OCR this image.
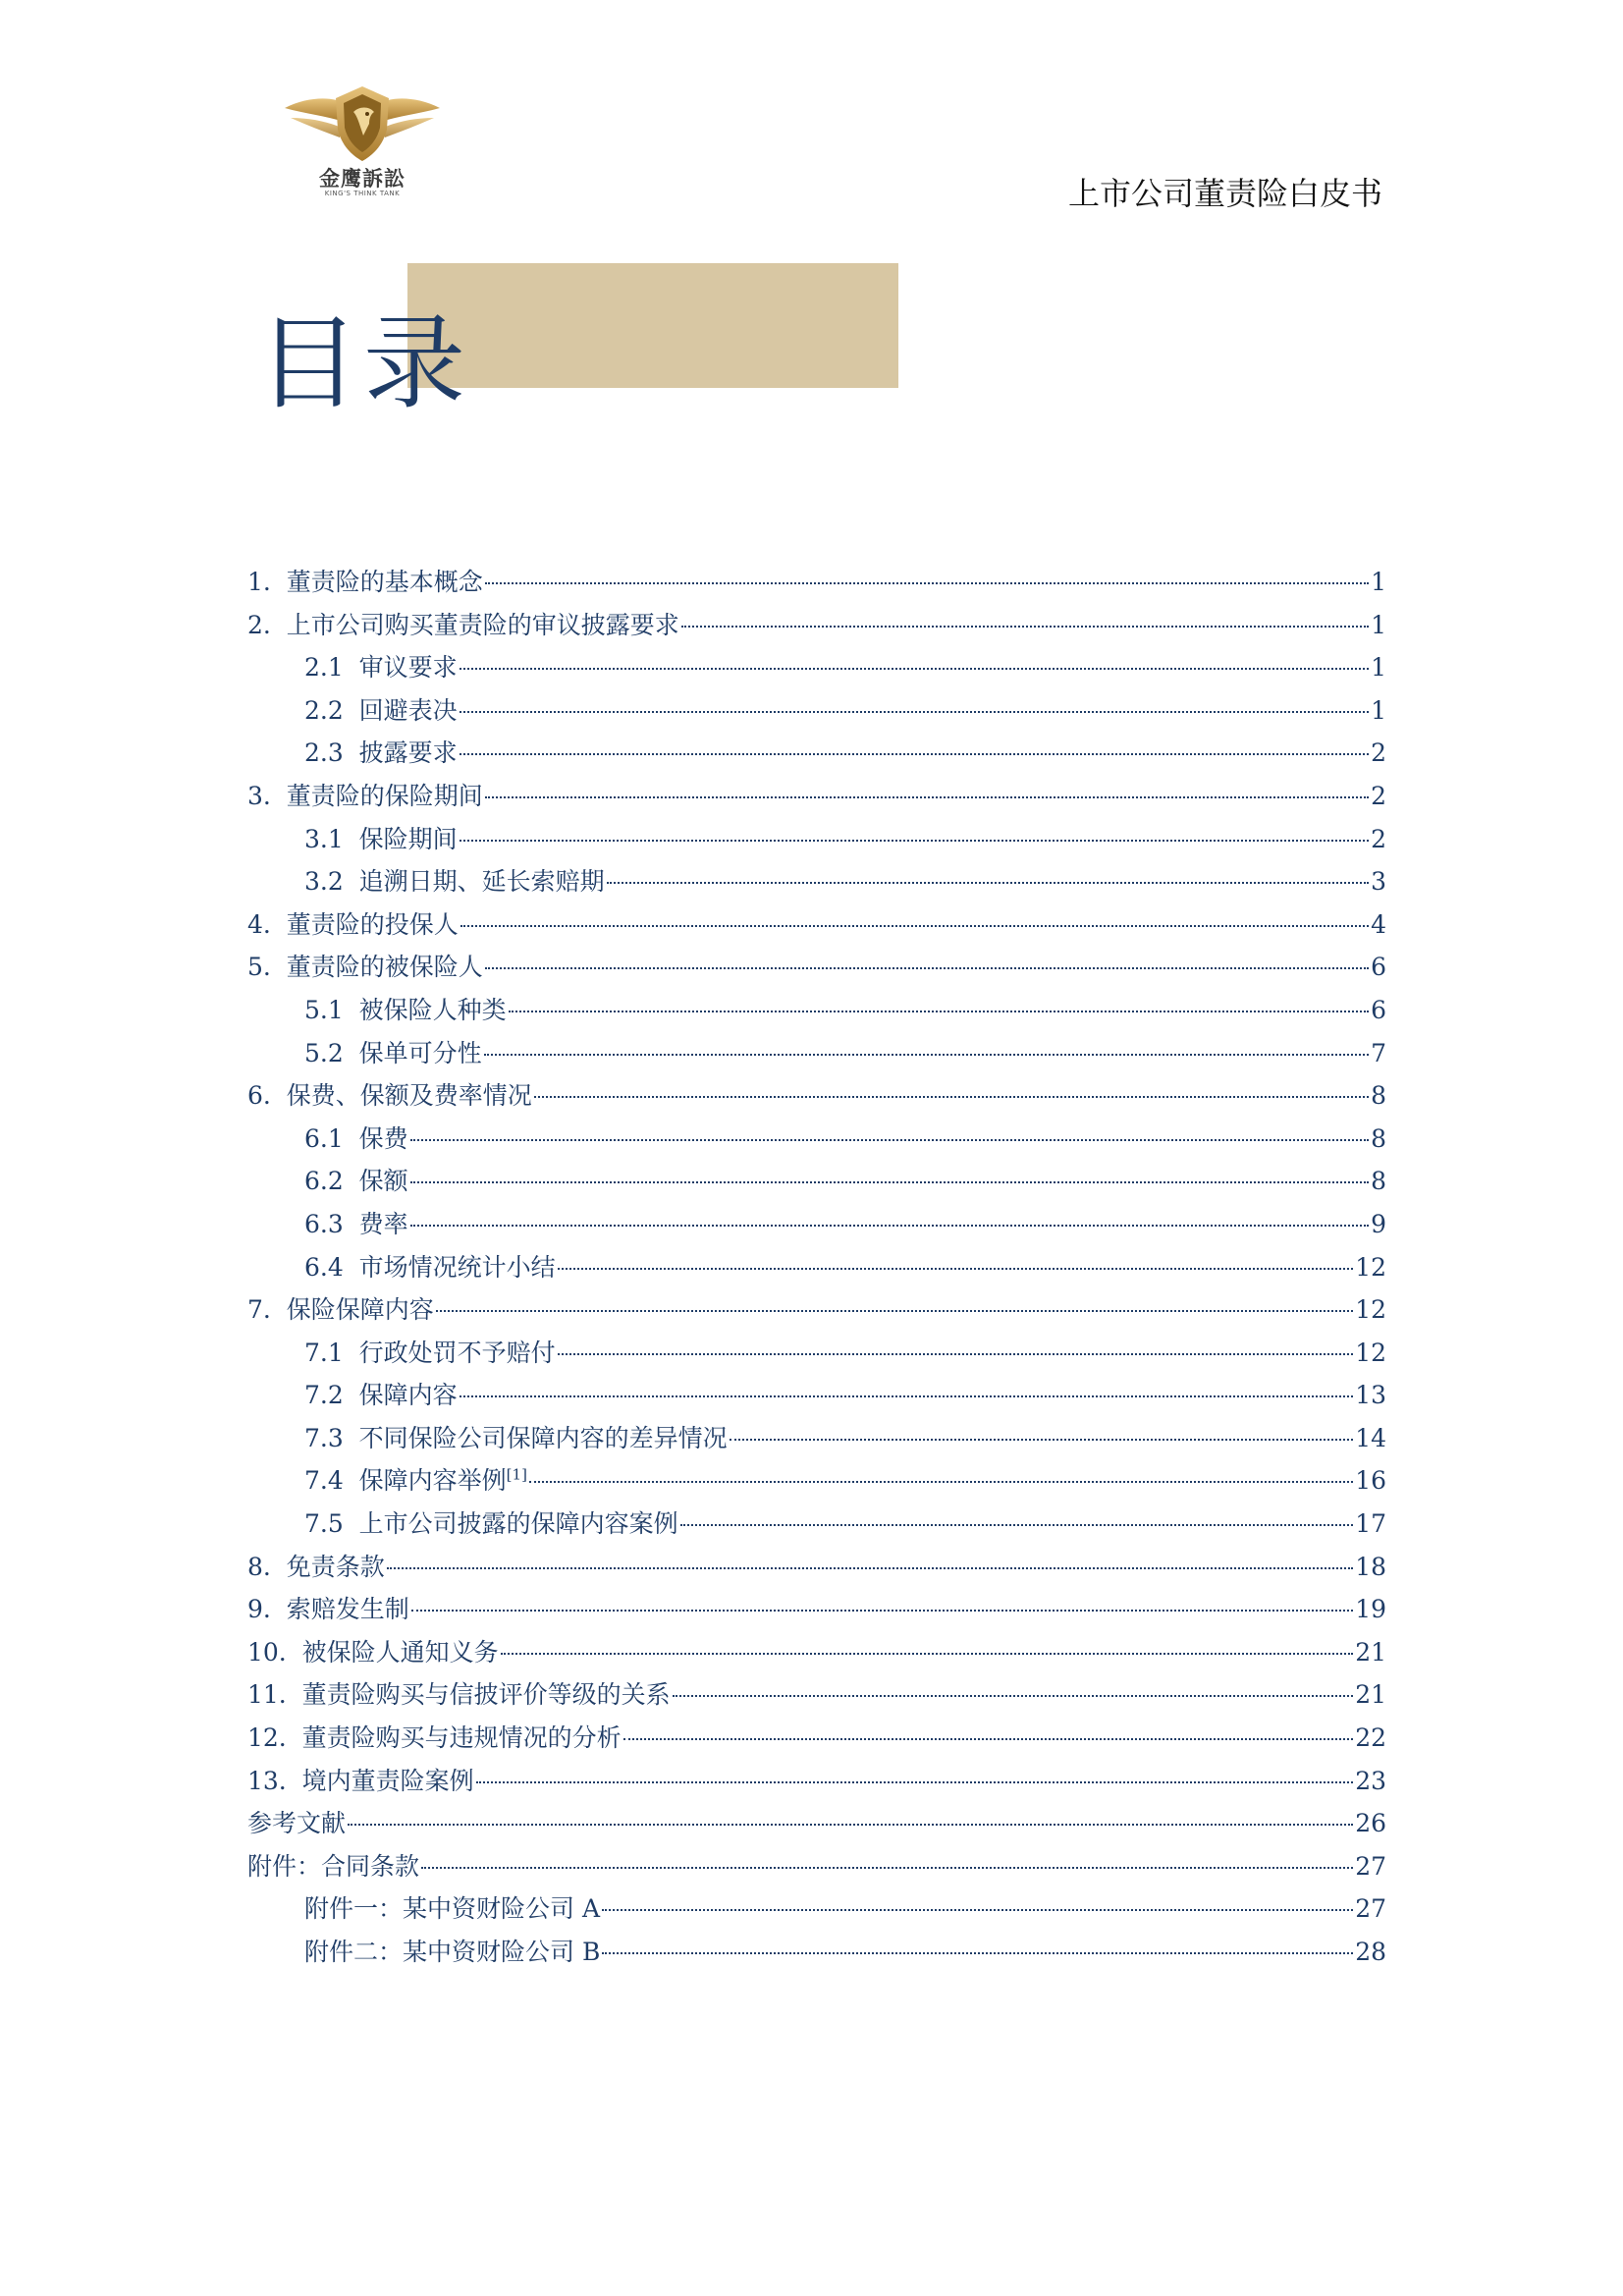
金鹰訴訟
KING'S THINK TANK	上市公司董责险白皮书
目录
1. 董责险的基本概念	1
2. 上市公司购买董责险的审议披露要求	1
2.1 审议要求	1
2.2 回避表决	1
2.3 披露要求	2
3. 董责险的保险期间	2
3.1 保险期间	2
3.2 追溯日期、延长索赔期	3
4. 董责险的投保人	4
5. 董责险的被保险人	6
5.1 被保险人种类	6
5.2 保单可分性	7
6. 保费、保额及费率情况	8
6.1 保费	8
6.2 保额	8
6.3 费率	9
6.4 市场情况统计小结	12
7. 保险保障内容	12
7.1 行政处罚不予赔付	12
7.2 保障内容	13
7.3 不同保险公司保障内容的差异情况	14
7.4 保障内容举例[1]	16
7.5 上市公司披露的保障内容案例	17
8. 免责条款	18
9. 索赔发生制	19
10. 被保险人通知义务	21
11. 董责险购买与信披评价等级的关系	21
12. 董责险购买与违规情况的分析	22
13. 境内董责险案例	23
参考文献	26
附件：合同条款	27
附件一：某中资财险公司 A	27
附件二：某中资财险公司 B	28
